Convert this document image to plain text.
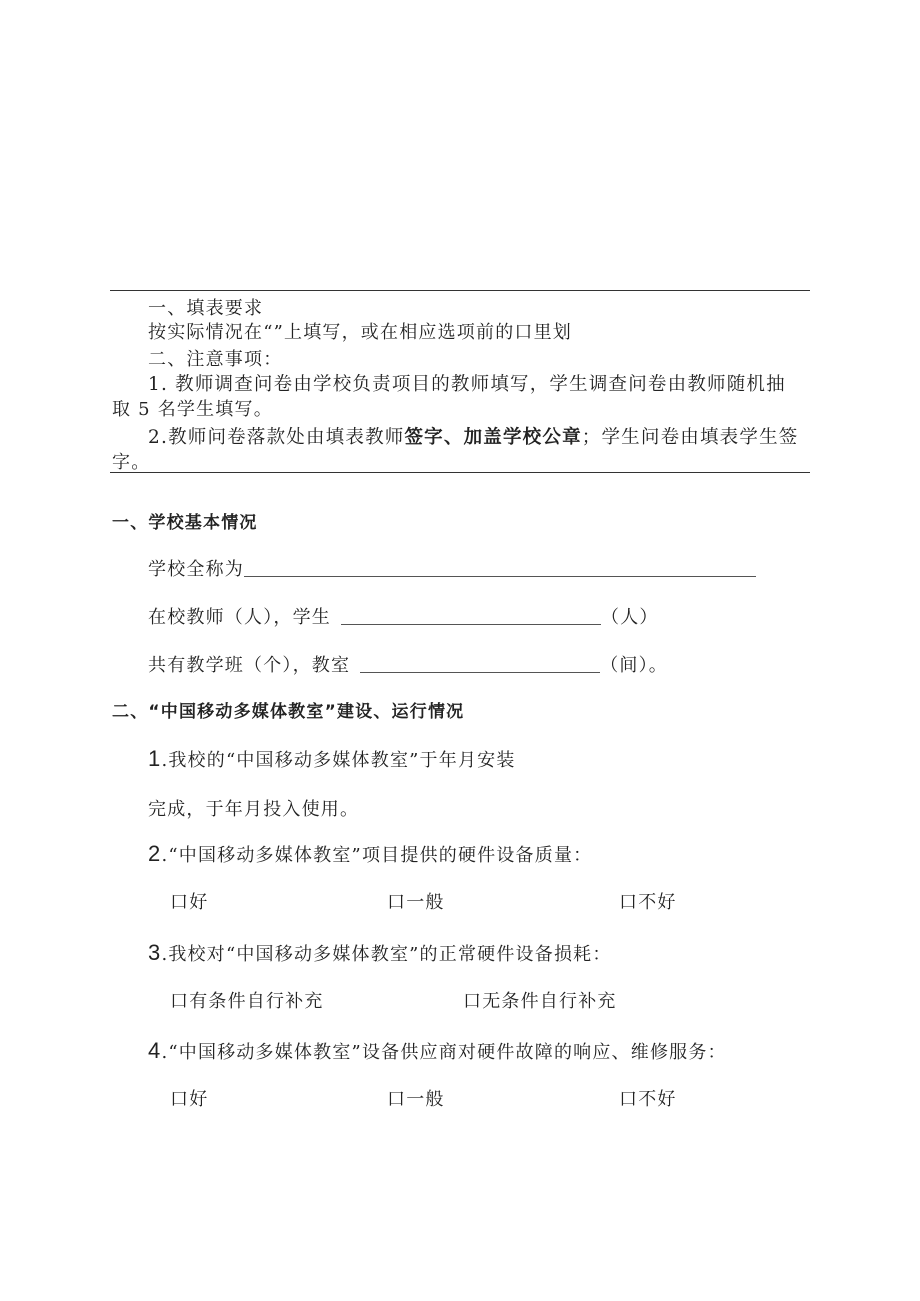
一、填表要求
按实际情况在“”上填写，或在相应选项前的口里划
二、注意事项：
1. 教师调查问卷由学校负责项目的教师填写，学生调查问卷由教师随机抽
取 5 名学生填写。
2.教师问卷落款处由填表教师签字、加盖学校公章；学生问卷由填表学生签
字。
一、学校基本情况
学校全称为
在校教师（人），学生	（人）
共有教学班（个），教室	（间）。
二、“中国移动多媒体教室”建设、运行情况
1.我校的“中国移动多媒体教室”于年月安装
完成，于年月投入使用。
2.“中国移动多媒体教室”项目提供的硬件设备质量：
口好	口一般	口不好
3.我校对“中国移动多媒体教室”的正常硬件设备损耗：
口有条件自行补充	口无条件自行补充
4.“中国移动多媒体教室”设备供应商对硬件故障的响应、维修服务：
口好	口一般	口不好
